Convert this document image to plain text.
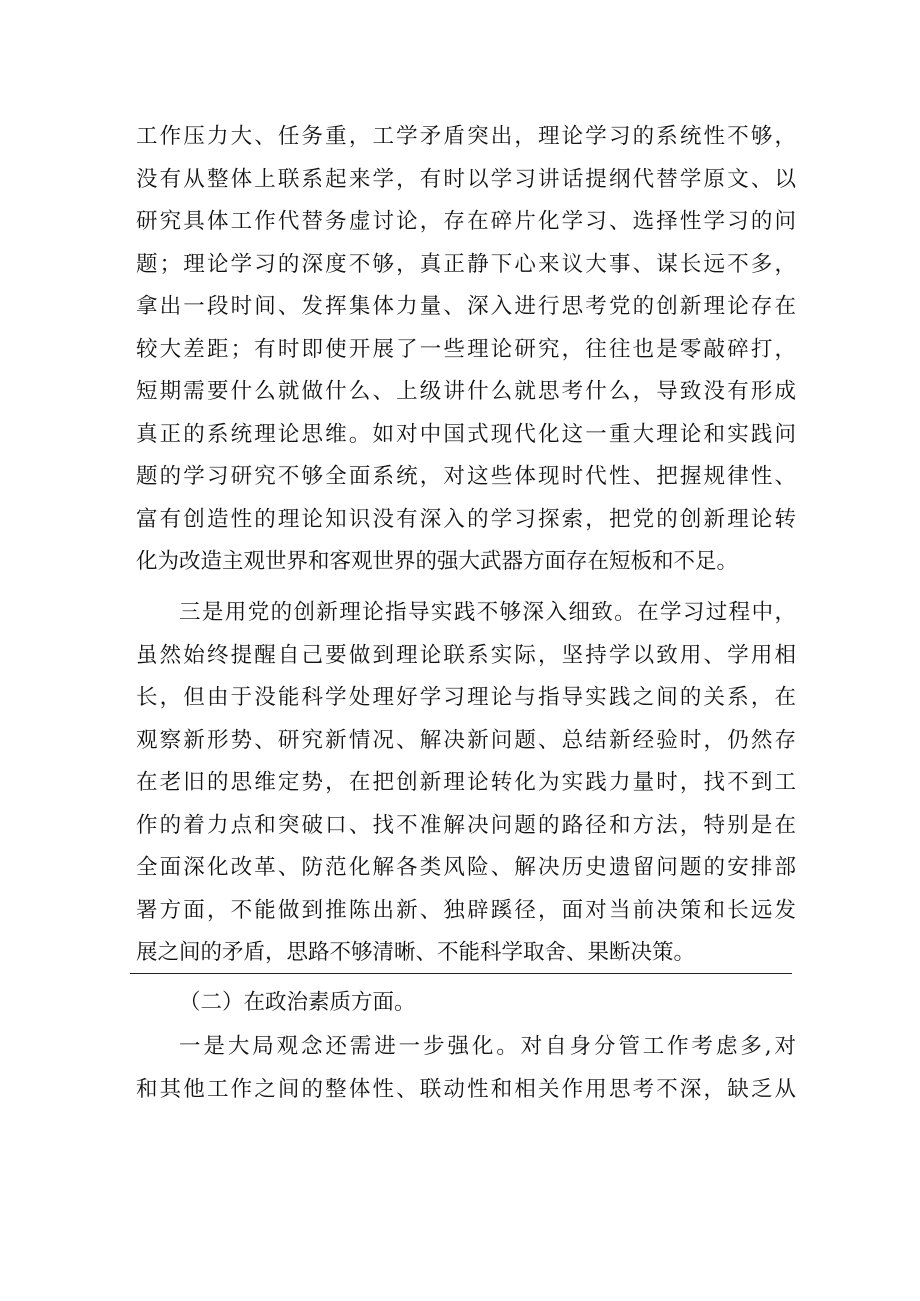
工作压力大、任务重，工学矛盾突出，理论学习的系统性不够，
没有从整体上联系起来学，有时以学习讲话提纲代替学原文、以
研究具体工作代替务虚讨论，存在碎片化学习、选择性学习的问
题；理论学习的深度不够，真正静下心来议大事、谋长远不多，
拿出一段时间、发挥集体力量、深入进行思考党的创新理论存在
较大差距；有时即使开展了一些理论研究，往往也是零敲碎打，
短期需要什么就做什么、上级讲什么就思考什么，导致没有形成
真正的系统理论思维。如对中国式现代化这一重大理论和实践问
题的学习研究不够全面系统，对这些体现时代性、把握规律性、
富有创造性的理论知识没有深入的学习探索，把党的创新理论转
化为改造主观世界和客观世界的强大武器方面存在短板和不足。
三是用党的创新理论指导实践不够深入细致。在学习过程中，
虽然始终提醒自己要做到理论联系实际，坚持学以致用、学用相
长，但由于没能科学处理好学习理论与指导实践之间的关系，在
观察新形势、研究新情况、解决新问题、总结新经验时，仍然存
在老旧的思维定势，在把创新理论转化为实践力量时，找不到工
作的着力点和突破口、找不准解决问题的路径和方法，特别是在
全面深化改革、防范化解各类风险、解决历史遗留问题的安排部
署方面，不能做到推陈出新、独辟蹊径，面对当前决策和长远发
展之间的矛盾，思路不够清晰、不能科学取舍、果断决策。
（二）在政治素质方面。
一是大局观念还需进一步强化。对自身分管工作考虑多,对
和其他工作之间的整体性、联动性和相关作用思考不深，缺乏从
